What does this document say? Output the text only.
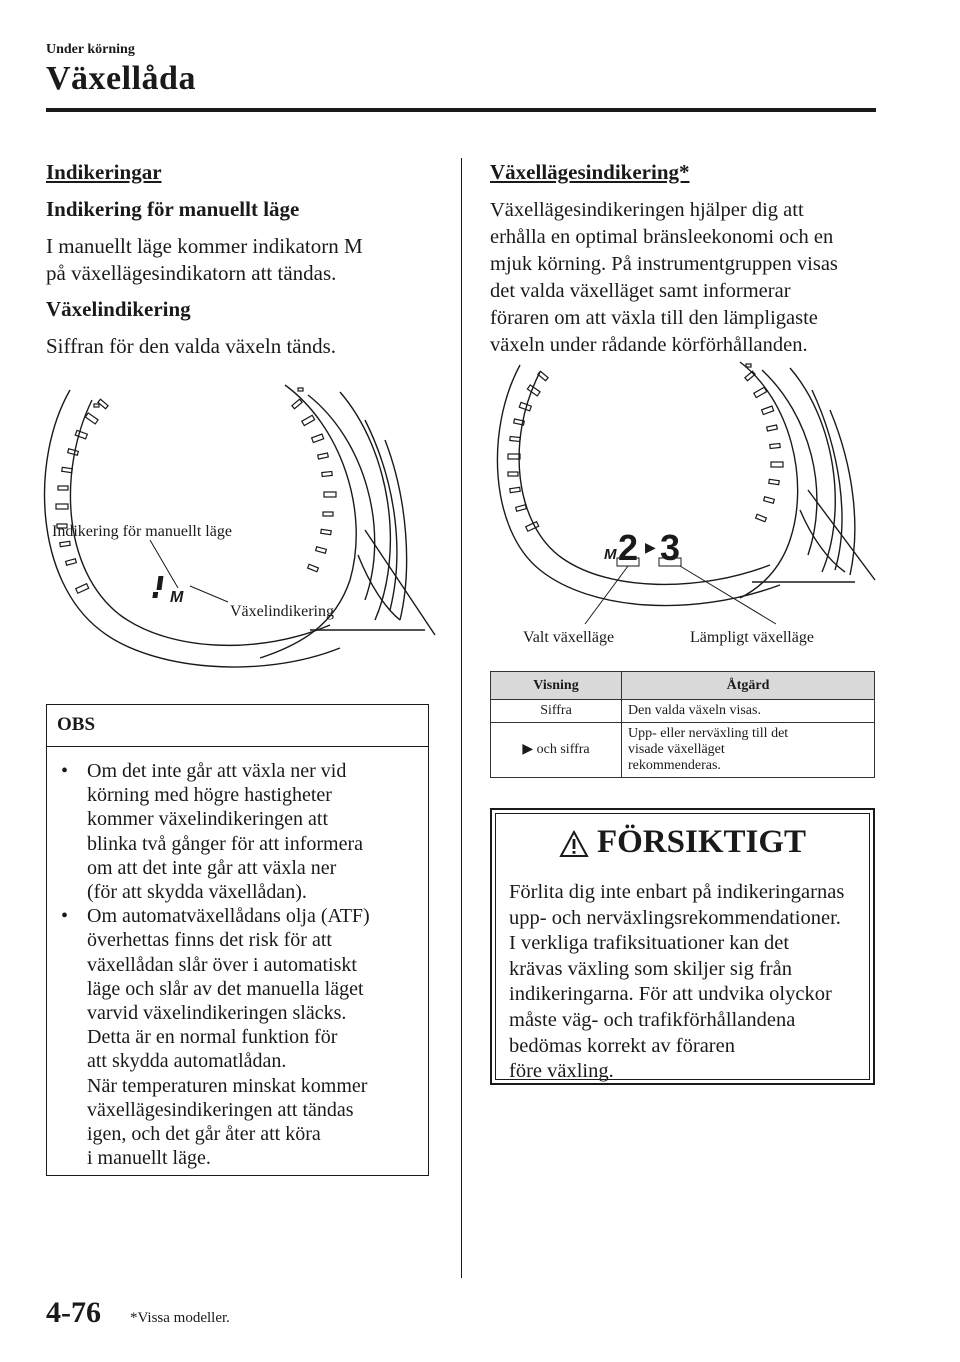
Under körning
Växellåda
Indikeringar
Indikering för manuellt läge
I manuellt läge kommer indikatorn M
på växellägesindikatorn att tändas.
Växelindikering
Siffran för den valda växeln tänds.
M
Indikering för manuellt läge
Växelindikering
OBS
• Om det inte går att växla ner vid
körning med högre hastigheter
kommer växelindikeringen att
blinka två gånger för att informera
om att det inte går att växla ner
(för att skydda växellådan).
• Om automatväxellådans olja (ATF)
överhettas finns det risk för att
växellådan slår över i automatiskt
läge och slår av det manuella läget
varvid växelindikeringen släcks.
Detta är en normal funktion för
att skydda automatlådan.
När temperaturen minskat kommer
växellägesindikeringen att tändas
igen, och det går åter att köra
i manuellt läge.
Växellägesindikering*
Växellägesindikeringen hjälper dig att
erhålla en optimal bränsleekonomi och en
mjuk körning. På instrumentgruppen visas
det valda växelläget samt informerar
föraren om att växla till den lämpligaste
växeln under rådande körförhållanden.
M 2 ▶ 3
Valt växelläge	Lämpligt växelläge
Visning	Åtgärd
Siffra	Den valda växeln visas.
▶ och siffra	Upp- eller nerväxling till det
visade växelläget
rekommenderas.
FÖRSIKTIGT
Förlita dig inte enbart på indikeringarnas
upp- och nerväxlingsrekommendationer.
I verkliga trafiksituationer kan det
krävas växling som skiljer sig från
indikeringarna. För att undvika olyckor
måste väg- och trafikförhållandena
bedömas korrekt av föraren
före växling.
4-76 *Vissa modeller.
